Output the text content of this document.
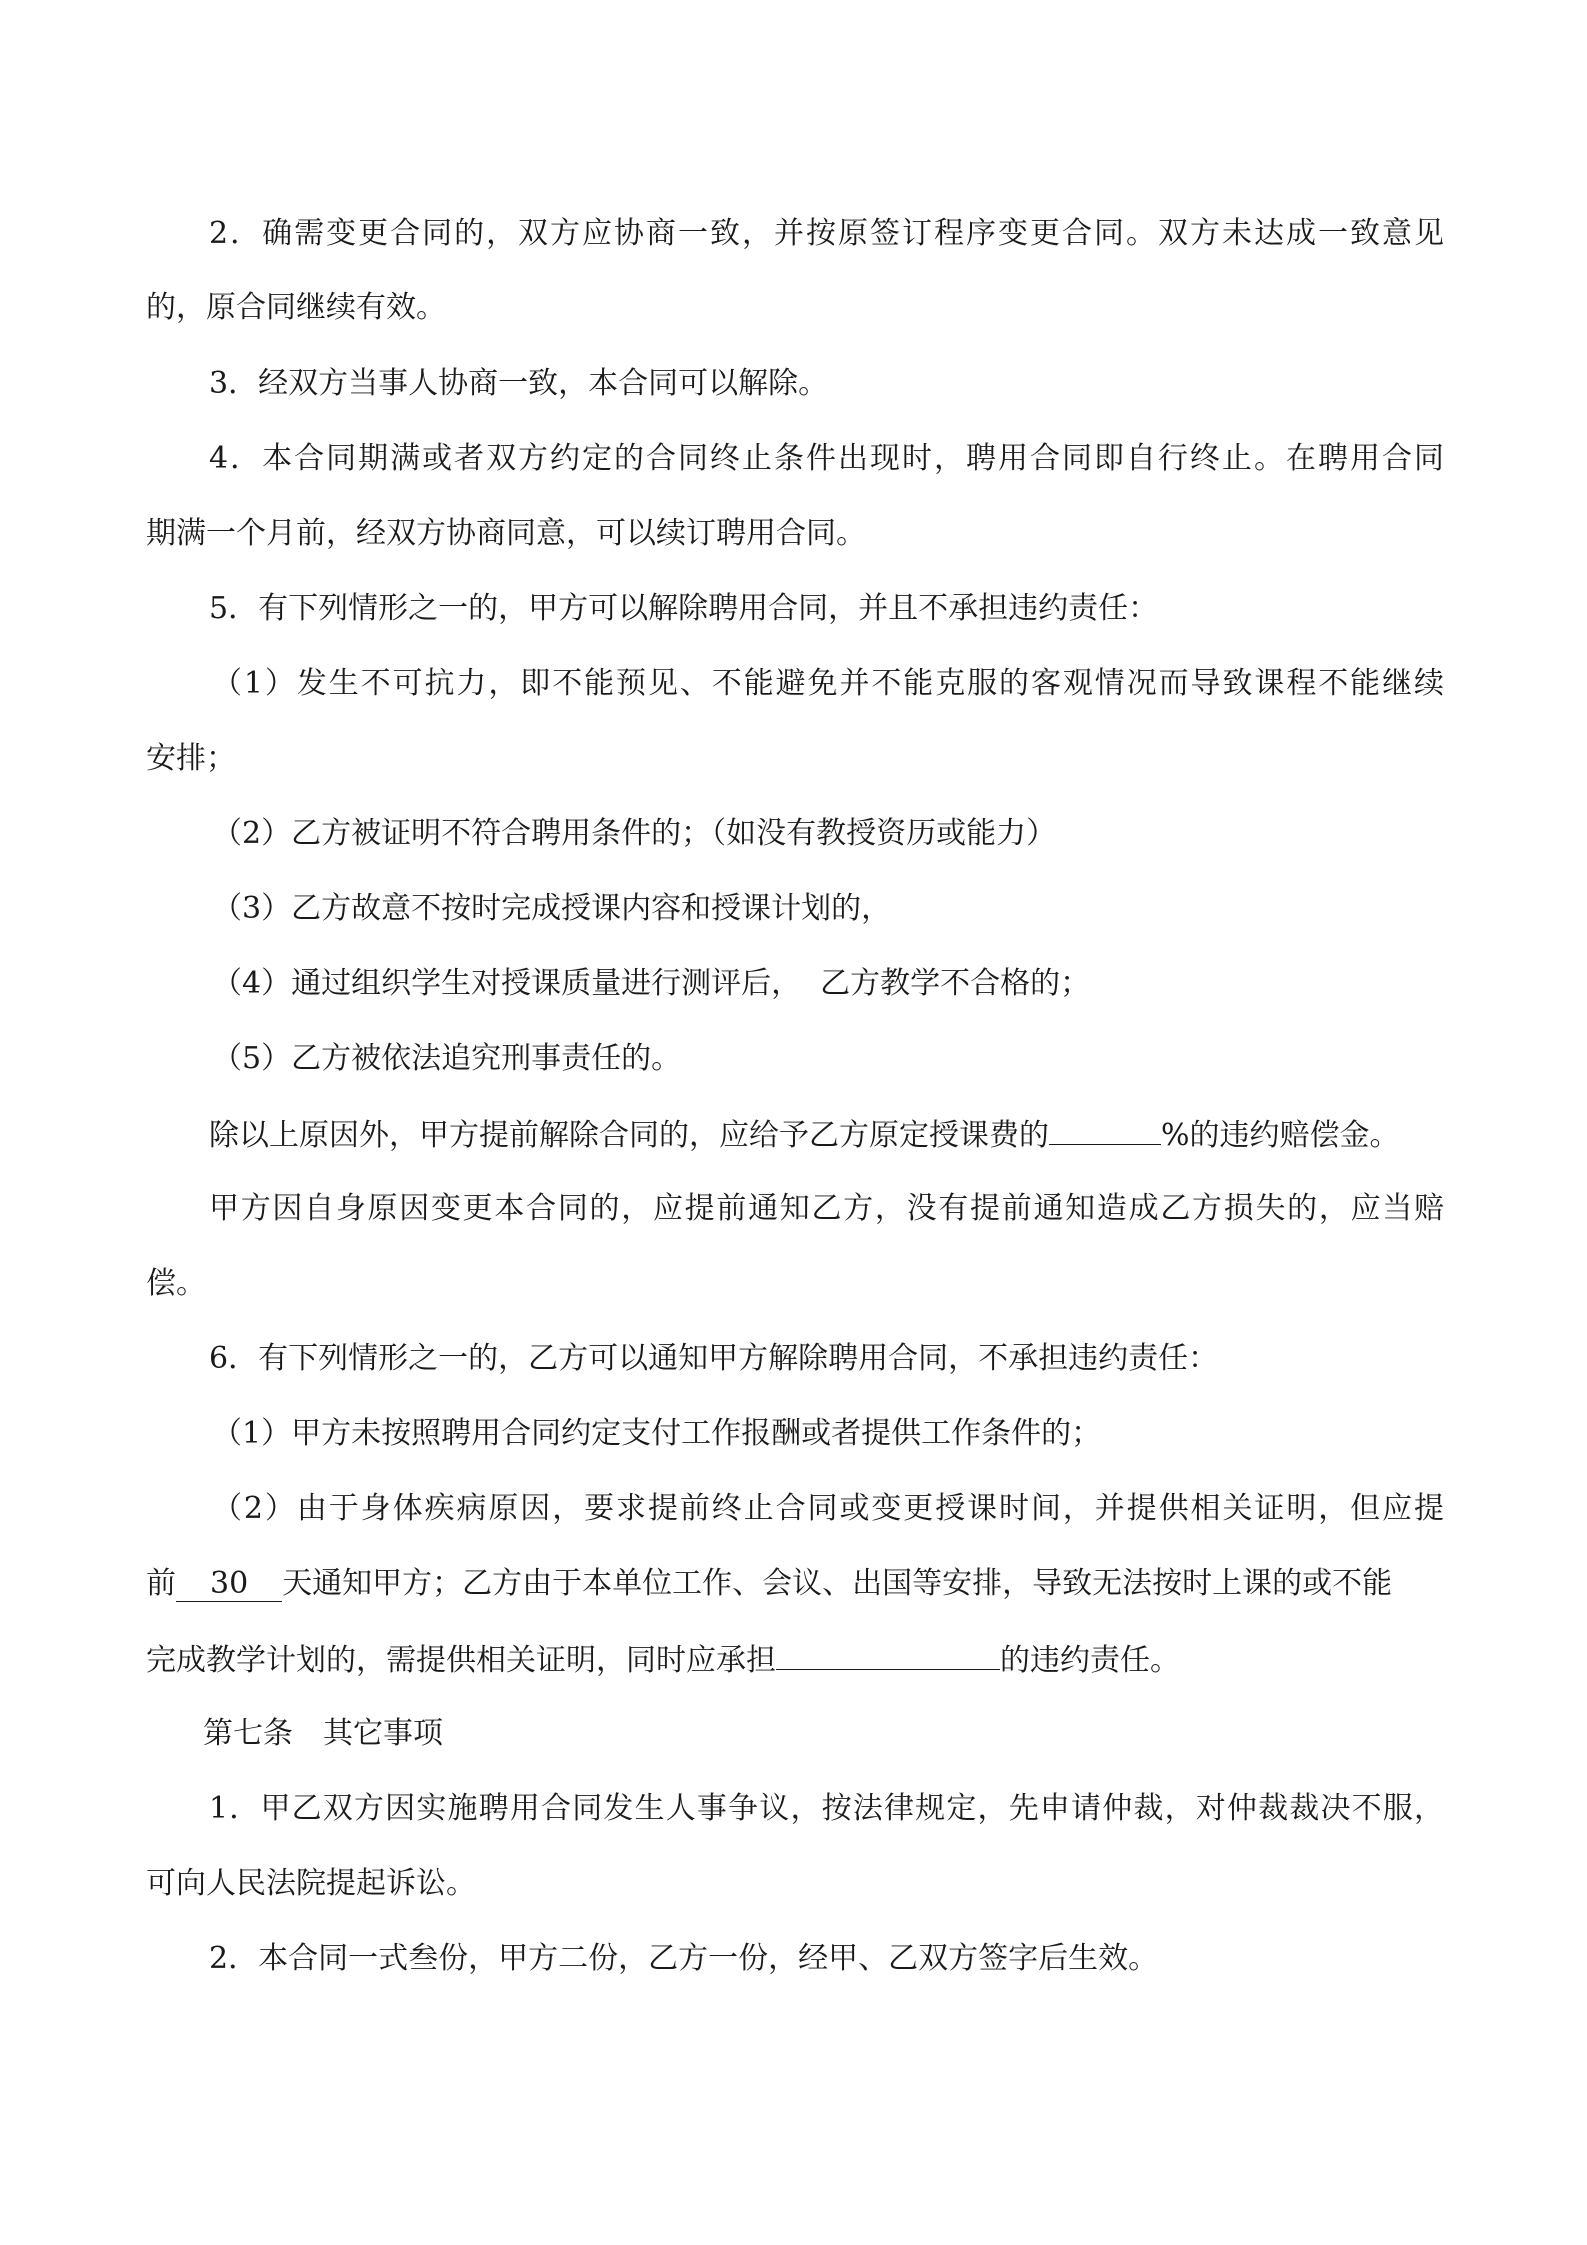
2．确需变更合同的，双方应协商一致，并按原签订程序变更合同。双方未达成一致意见

的，原合同继续有效。

3．经双方当事人协商一致，本合同可以解除。

4．本合同期满或者双方约定的合同终止条件出现时，聘用合同即自行终止。在聘用合同

期满一个月前，经双方协商同意，可以续订聘用合同。

5．有下列情形之一的，甲方可以解除聘用合同，并且不承担违约责任：

（1）发生不可抗力，即不能预见、不能避免并不能克服的客观情况而导致课程不能继续

安排；

（2）乙方被证明不符合聘用条件的；（如没有教授资历或能力）

（3）乙方故意不按时完成授课内容和授课计划的，

（4）通过组织学生对授课质量进行测评后，  乙方教学不合格的；

（5）乙方被依法追究刑事责任的。

除以上原因外，甲方提前解除合同的，应给予乙方原定授课费的	%的违约赔偿金。

甲方因自身原因变更本合同的，应提前通知乙方，没有提前通知造成乙方损失的，应当赔

偿。

6．有下列情形之一的，乙方可以通知甲方解除聘用合同，不承担违约责任：

（1）甲方未按照聘用合同约定支付工作报酬或者提供工作条件的；

（2）由于身体疾病原因，要求提前终止合同或变更授课时间，并提供相关证明，但应提

前 30 天通知甲方；乙方由于本单位工作、会议、出国等安排，导致无法按时上课的或不能

完成教学计划的，需提供相关证明，同时应承担	的违约责任。

第七条　其它事项

1．甲乙双方因实施聘用合同发生人事争议，按法律规定，先申请仲裁，对仲裁裁决不服，

可向人民法院提起诉讼。

2．本合同一式叁份，甲方二份，乙方一份，经甲、乙双方签字后生效。
